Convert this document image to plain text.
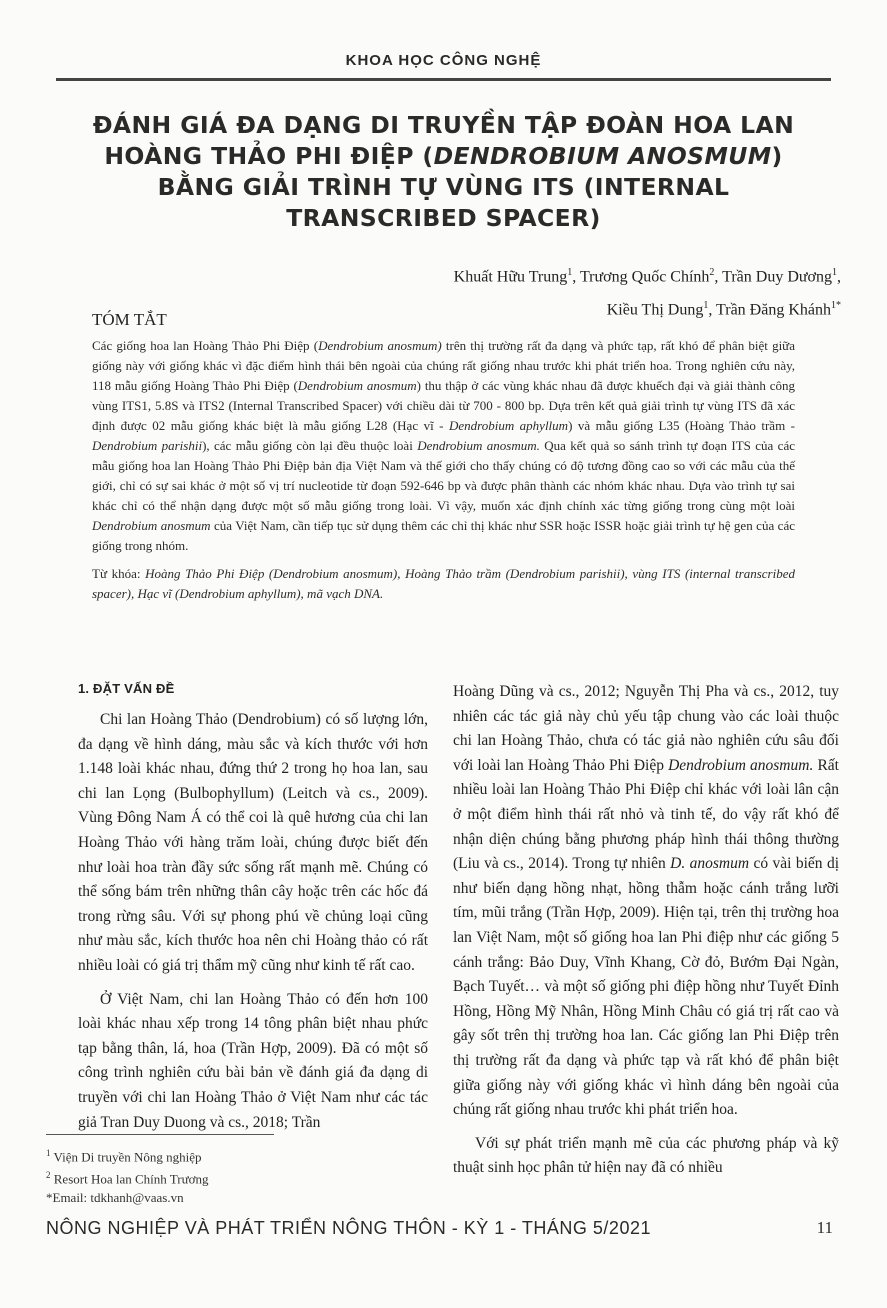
KHOA HỌC CÔNG NGHỆ
ĐÁNH GIÁ ĐA DẠNG DI TRUYỀN TẬP ĐOÀN HOA LAN
HOÀNG THẢO PHI ĐIỆP (DENDROBIUM ANOSMUM)
BẰNG GIẢI TRÌNH TỰ VÙNG ITS (INTERNAL
TRANSCRIBED SPACER)
Khuất Hữu Trung$^1$, Trương Quốc Chính$^2$, Trần Duy Dương$^1$,
Kiều Thị Dung$^1$, Trần Đăng Khánh$^{1*}$
TÓM TẮT

Các giống hoa lan Hoàng Thảo Phi Điệp (Dendrobium anosmum) trên thị trường rất đa dạng và phức tạp, rất khó để phân biệt giữa giống này với giống khác vì đặc điểm hình thái bên ngoài của chúng rất giống nhau trước khi phát triển hoa. Trong nghiên cứu này, 118 mẫu giống Hoàng Thảo Phi Điệp (Dendrobium anosmum) thu thập ở các vùng khác nhau đã được khuếch đại và giải thành công vùng ITS1, 5.8S và ITS2 (Internal Transcribed Spacer) với chiều dài từ 700 - 800 bp. Dựa trên kết quả giải trình tự vùng ITS đã xác định được 02 mẫu giống khác biệt là mẫu giống L28 (Hạc vĩ - Dendrobium aphyllum) và mẫu giống L35 (Hoàng Thảo trầm - Dendrobium parishii), các mẫu giống còn lại đều thuộc loài Dendrobium anosmum. Qua kết quả so sánh trình tự đoạn ITS của các mẫu giống hoa lan Hoàng Thảo Phi Điệp bản địa Việt Nam và thế giới cho thấy chúng có độ tương đồng cao so với các mẫu của thế giới, chỉ có sự sai khác ở một số vị trí nucleotide từ đoạn 592-646 bp và được phân thành các nhóm khác nhau. Dựa vào trình tự sai khác chỉ có thể nhận dạng được một số mẫu giống trong loài. Vì vậy, muốn xác định chính xác từng giống trong cùng một loài Dendrobium anosmum của Việt Nam, cần tiếp tục sử dụng thêm các chỉ thị khác như SSR hoặc ISSR hoặc giải trình tự hệ gen của các giống trong nhóm.

Từ khóa: Hoàng Thảo Phi Điệp (Dendrobium anosmum), Hoàng Thảo trầm (Dendrobium parishii), vùng ITS (internal transcribed spacer), Hạc vĩ (Dendrobium aphyllum), mã vạch DNA.

1. ĐẶT VẤN ĐỀ

Chi lan Hoàng Thảo (Dendrobium) có số lượng lớn, đa dạng về hình dáng, màu sắc và kích thước với hơn 1.148 loài khác nhau, đứng thứ 2 trong họ hoa lan, sau chi lan Lọng (Bulbophyllum) (Leitch và cs., 2009). Vùng Đông Nam Á có thể coi là quê hương của chi lan Hoàng Thảo với hàng trăm loài, chúng được biết đến như loài hoa tràn đầy sức sống rất mạnh mẽ. Chúng có thể sống bám trên những thân cây hoặc trên các hốc đá trong rừng sâu. Với sự phong phú về chủng loại cũng như màu sắc, kích thước hoa nên chi Hoàng thảo có rất nhiều loài có giá trị thẩm mỹ cũng như kinh tế rất cao.

Ở Việt Nam, chi lan Hoàng Thảo có đến hơn 100 loài khác nhau xếp trong 14 tông phân biệt nhau phức tạp bằng thân, lá, hoa (Trần Hợp, 2009). Đã có một số công trình nghiên cứu bài bản về đánh giá đa dạng di truyền với chi lan Hoàng Thảo ở Việt Nam như các tác giả Tran Duy Duong và cs., 2018; Trần

Hoàng Dũng và cs., 2012; Nguyễn Thị Pha và cs., 2012, tuy nhiên các tác giả này chủ yếu tập chung vào các loài thuộc chi lan Hoàng Thảo, chưa có tác giả nào nghiên cứu sâu đối với loài lan Hoàng Thảo Phi Điệp Dendrobium anosmum. Rất nhiều loài lan Hoàng Thảo Phi Điệp chỉ khác với loài lân cận ở một điểm hình thái rất nhỏ và tinh tế, do vậy rất khó để nhận diện chúng bằng phương pháp hình thái thông thường (Liu và cs., 2014). Trong tự nhiên D. anosmum có vài biến dị như biến dạng hồng nhạt, hồng thẫm hoặc cánh trắng lưỡi tím, mũi trắng (Trần Hợp, 2009). Hiện tại, trên thị trường hoa lan Việt Nam, một số giống hoa lan Phi điệp như các giống 5 cánh trắng: Bảo Duy, Vĩnh Khang, Cờ đỏ, Bướm Đại Ngàn, Bạch Tuyết… và một số giống phi điệp hồng như Tuyết Đỉnh Hồng, Hồng Mỹ Nhân, Hồng Minh Châu có giá trị rất cao và gây sốt trên thị trường hoa lan. Các giống lan Phi Điệp trên thị trường rất đa dạng và phức tạp và rất khó để phân biệt giữa giống này với giống khác vì hình dáng bên ngoài của chúng rất giống nhau trước khi phát triển hoa.

Với sự phát triển mạnh mẽ của các phương pháp và kỹ thuật sinh học phân tử hiện nay đã có nhiều

$^1$ Viện Di truyền Nông nghiệp
$^2$ Resort Hoa lan Chính Trương
*Email: tdkhanh@vaas.vn
NÔNG NGHIỆP VÀ PHÁT TRIỂN NÔNG THÔN - KỲ 1 - THÁNG 5/2021	11
